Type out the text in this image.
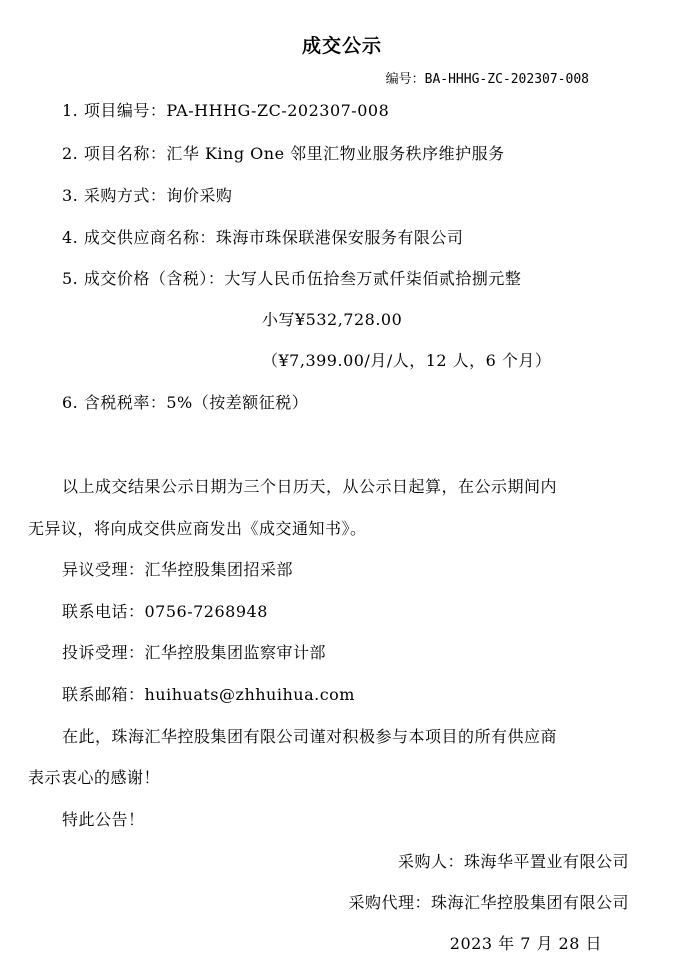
成交公示
编号：BA-HHHG-ZC-202307-008
1. 项目编号：PA-HHHG-ZC-202307-008
2. 项目名称：汇华 King One 邻里汇物业服务秩序维护服务
3. 采购方式：询价采购
4. 成交供应商名称：珠海市珠保联港保安服务有限公司
5. 成交价格（含税）：大写人民币伍拾叁万贰仟柒佰贰拾捌元整
小写¥532,728.00
（¥7,399.00/月/人，12 人，6 个月）
6. 含税税率：5%（按差额征税）
以上成交结果公示日期为三个日历天，从公示日起算，在公示期间内
无异议，将向成交供应商发出《成交通知书》。
异议受理：汇华控股集团招采部
联系电话：0756-7268948
投诉受理：汇华控股集团监察审计部
联系邮箱：huihuats@zhhuihua.com
在此，珠海汇华控股集团有限公司谨对积极参与本项目的所有供应商
表示衷心的感谢！
特此公告！
采购人：珠海华平置业有限公司
采购代理：珠海汇华控股集团有限公司
2023 年 7 月 28 日
